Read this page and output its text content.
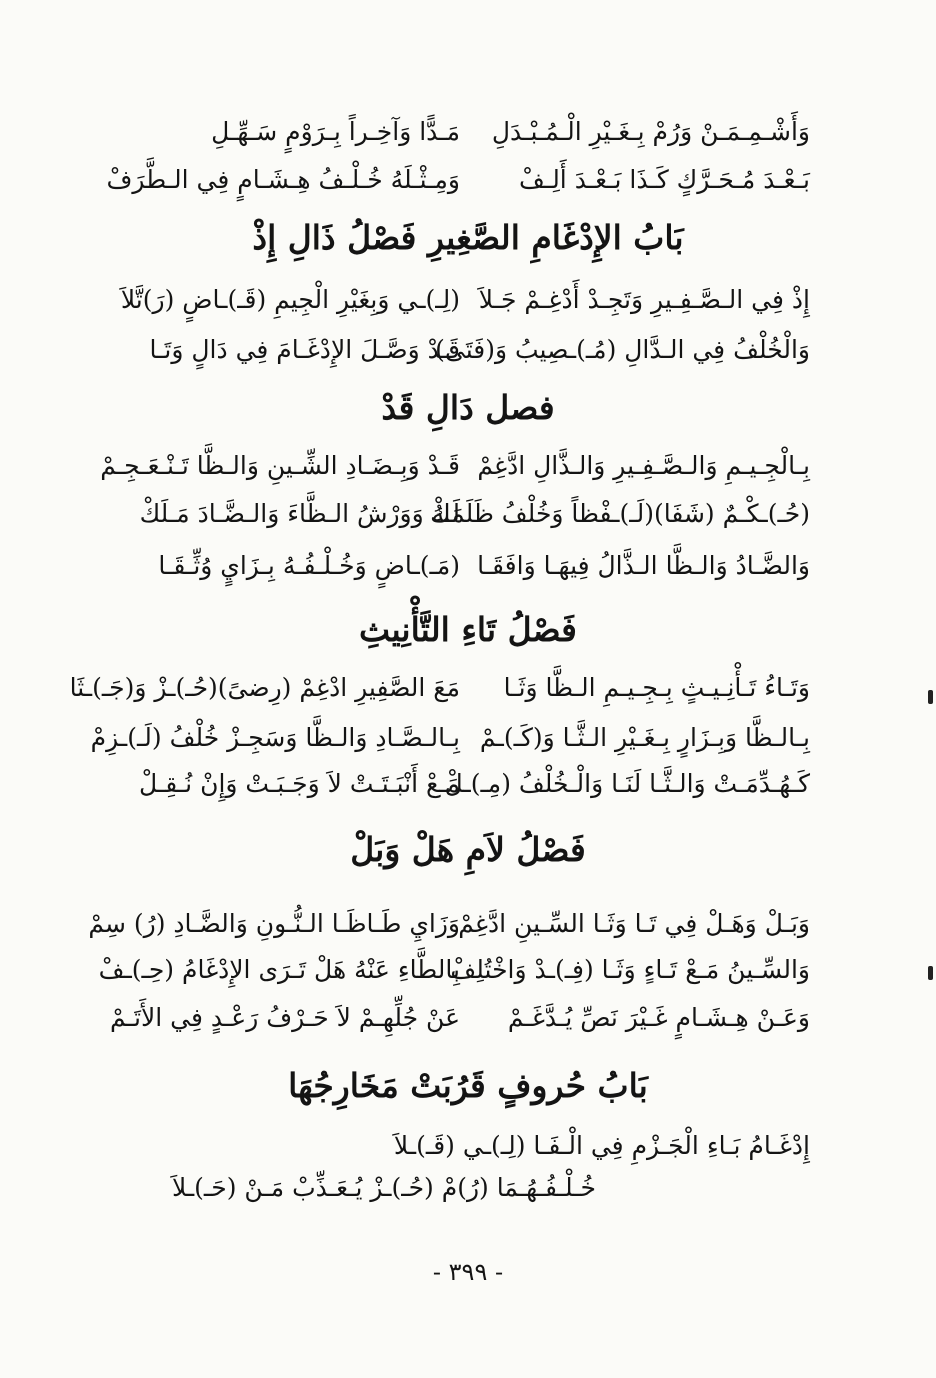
وَأَشْـمِـمَـنْ وَرُمْ بِـغَـيْرِ الْـمُـبْـدَلِ
مَـدًّا وَآخِـراً بِـرَوْمٍ سَـهِّـلِ
بَـعْـدَ مُـحَـرَّكٍ كَـذَا بَـعْـدَ أَلِـفْ
وَمِـثْـلَهُ خُـلْـفُ هِـشَـامٍ فِي الـطَّرَفْ
بَابُ الإِدْغَامِ الصَّغِيرِ فَصْلُ ذَالِ إِذْ
إِذْ فِي الـصَّـفِـيرِ وَتَجِـدْ أَدْغِـمْ جَـلاَ
(لِـ)ـي وَبِغَيْرِ الْجِيمِ (قَـ)ـاضٍ (رَ)تَّلاَ
وَالْخُلْفُ فِي الـدَّالِ (مُـ)ـصِيبُ وَ(فَتَى)
قَـدْ وَصَّـلَ الإِدْغَـامَ فِي دَالٍ وَتَـا
فصل دَالِ قَدْ
بِـالْجِـيـمِ وَالـصَّـفِـيرِ وَالـذَّالِ ادَّغِمْ
قَـدْ وَبِـضَـادِ الشِّـينِ وَالـظَّا تَـنْـعَـجِـمْ
(حُـ)ـكْـمٌ (شَفَا)(لَـ)ـفْظاً وَخُلْفُ ظَلَمَكْ
لَـهُ وَوَرْشُ الـظَّاءَ وَالـضَّـادَ مَـلَكْ
وَالضَّـادُ وَالـظَّا الـذَّالُ فِيهَـا وَافَقَـا
(مَـ)ـاضٍ وَخُـلْـفُـهُ بِـزَايٍ وُثِّـقَـا
فَصْلُ تَاءِ التَّأْنِيثِ
وَتَـاءُ تَـأْنِـيـثٍ بِـجِـيـمِ الـظَّا وَثَـا
مَعَ الصَّفِيرِ ادْغِمْ (رِضىً)(حُـ)ـزْ وَ(جَـ)ـثَا
بِـالـظَّا وَبِـزَارٍ بِـغَـيْرِ الـثَّـا وَ(كَـ)ـمْ
بِـالـصَّـادِ وَالـظَّا وَسَجِـزْ خُلْفُ (لَـ)ـزِمْ
كَـهُـدِّمَـتْ وَالـثَّـا لَنَـا وَالْـخُلْفُ (مِـ)ـلْ
مَـعْ أَنْبَـتَـتْ لاَ وَجَـبَـتْ وَإِنْ نُـقِـلْ
فَصْلُ لاَمِ هَلْ وَبَلْ
وَبَـلْ وَهَـلْ فِي تَـا وَثَـا السِّـينِ ادَّغِمْ
وَزَايِ طَـاظَـا الـنُّـونِ وَالضَّـادِ (رُ) سِمْ
وَالسِّـينُ مَـعْ تَـاءٍ وَثَـا (فِـ)ـدْ وَاخْتُلِفْ
بِالطَّاءِ عَنْهُ هَلْ تَـرَى الإِدْغَامُ (حِـ)ـفْ
وَعَـنْ هِـشَـامٍ غَـيْرَ نَصِّ يُـدَّغَـمْ
عَنْ جُلِّهِـمْ لاَ حَـرْفُ رَعْـدٍ فِي الأَتَـمْ
بَابُ حُروفٍ قَرُبَتْ مَخَارِجُهَا
إِدْغَـامُ بَـاءِ الْجَـزْمِ فِي الْـفَـا (لِـ)ـي (قَـ)ـلاَ
خُـلْـفُـهُـمَا (رُ)مْ (حُـ)ـزْ يُـعَـذِّبْ مَـنْ (حَـ)ـلاَ
- ٣٩٩ -
